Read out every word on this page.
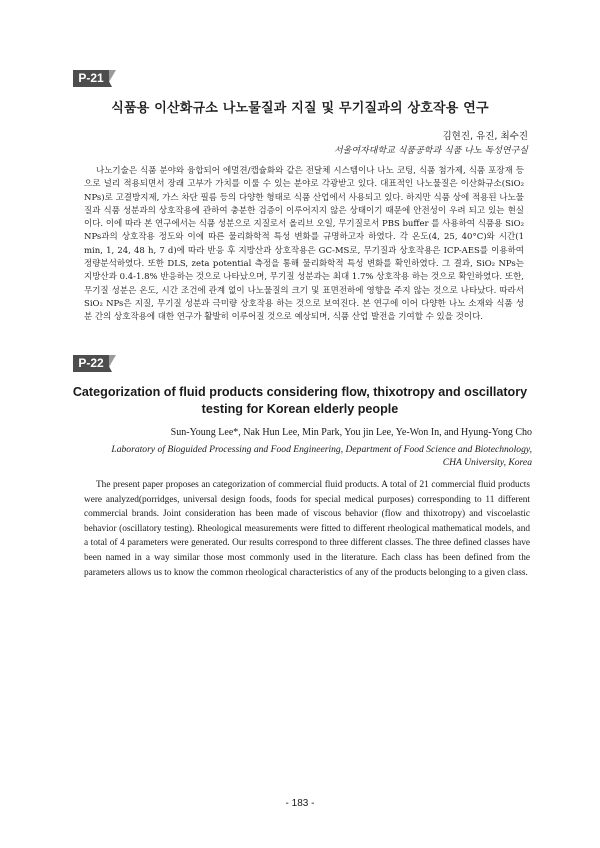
P-21
식품용 이산화규소 나노물질과 지질 및 무기질과의 상호작용 연구
김현진, 유진, 최수진
서울여자대학교 식품공학과 식품 나노 독성연구실

나노기술은 식품 분야와 융합되어 에멀젼/캡슐화와 같은 전달체 시스템이나 나노 코팅, 식품 첨가제, 식품 포장재 등으로 널리 적용되면서 장래 고부가 가치를 이룰 수 있는 분야로 각광받고 있다. 대표적인 나노물질은 이산화규소(SiO₂ NPs)로 고결방지제, 가스 차단 필름 등의 다양한 형태로 식품 산업에서 사용되고 있다. 하지만 식품 상에 적용된 나노물질과 식품 성분과의 상호작용에 관하여 충분한 검증이 이루어지지 않은 상태이기 때문에 안전성이 우려 되고 있는 현실이다. 이에 따라 본 연구에서는 식품 성분으로 지질로서 올리브 오일, 무기질로서 PBS buffer 를 사용하여 식품용 SiO₂ NPs과의 상호작용 정도와 이에 따른 물리화학적 특성 변화를 규명하고자 하였다. 각 온도(4, 25, 40°C)와 시간(1 min, 1, 24, 48 h, 7 d)에 따라 반응 후 지방산과 상호작용은 GC-MS로, 무기질과 상호작용은 ICP-AES를 이용하여 정량분석하였다. 또한 DLS, zeta potential 측정을 통해 물리화학적 특성 변화를 확인하였다. 그 결과, SiO₂ NPs는 지방산과 0.4-1.8% 반응하는 것으로 나타났으며, 무기질 성분과는 최대 1.7% 상호작용 하는 것으로 확인하였다. 또한, 무기질 성분은 온도, 시간 조건에 관계 없이 나노물질의 크기 및 표면전하에 영향을 주지 않는 것으로 나타났다. 따라서 SiO₂ NPs은 지질, 무기질 성분과 극미량 상호작용 하는 것으로 보여진다. 본 연구에 이어 다양한 나노 소재와 식품 성분 간의 상호작용에 대한 연구가 활발히 이루어질 것으로 예상되며, 식품 산업 발전을 기여할 수 있을 것이다.

P-22
Categorization of fluid products considering flow, thixotropy and oscillatory testing for Korean elderly people
Sun-Young Lee*, Nak Hun Lee, Min Park, You jin Lee, Ye-Won In, and Hyung-Yong Cho
Laboratory of Bioguided Processing and Food Engineering, Department of Food Science and Biotechnology, CHA University, Korea

The present paper proposes an categorization of commercial fluid products. A total of 21 commercial fluid products were analyzed(porridges, universal design foods, foods for special medical purposes) corresponding to 11 different commercial brands. Joint consideration has been made of viscous behavior (flow and thixotropy) and viscoelastic behavior (oscillatory testing). Rheological measurements were fitted to different rheological mathematical models, and a total of 4 parameters were generated. Our results correspond to three different classes. The three defined classes have been named in a way similar those most commonly used in the literature. Each class has been defined from the parameters allows us to know the common rheological characteristics of any of the products belonging to a given class.

- 183 -
